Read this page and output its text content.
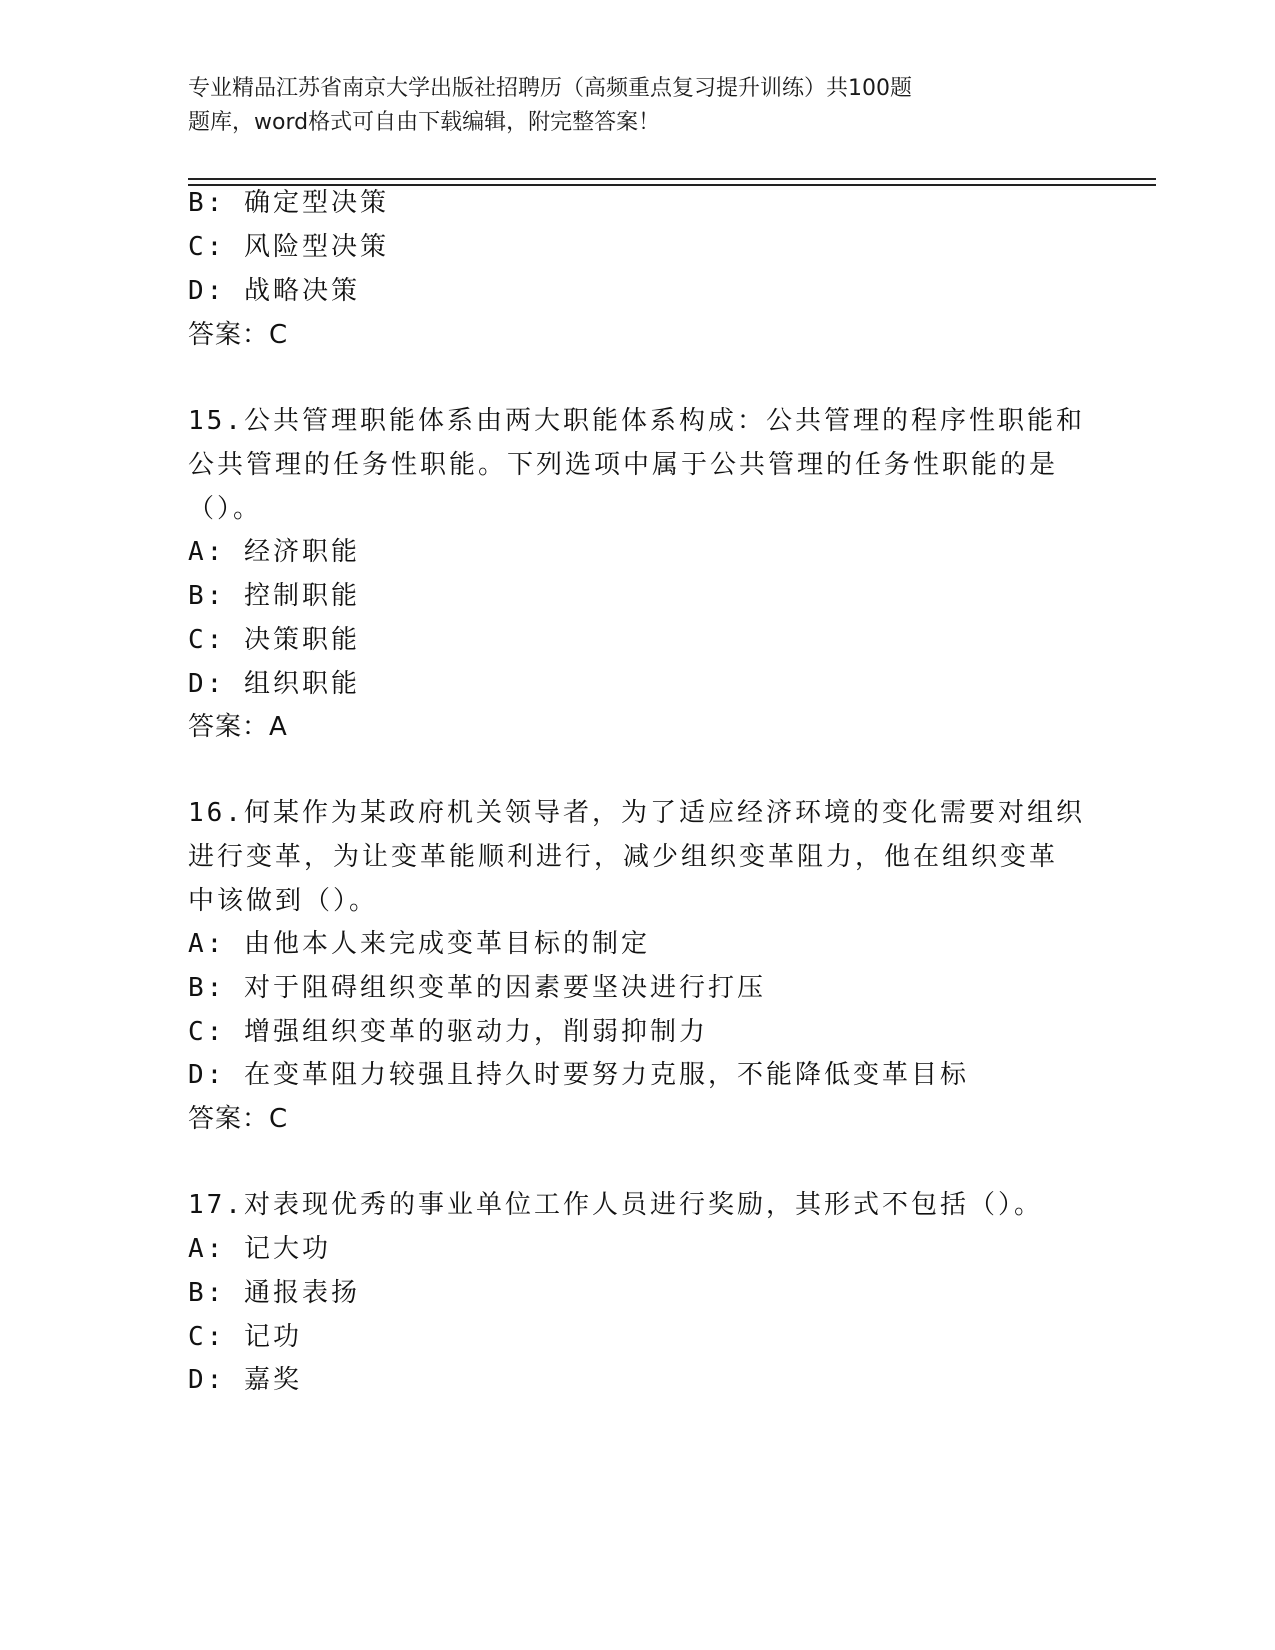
专业精品江苏省南京大学出版社招聘历（高频重点复习提升训练）共100题
题库，word格式可自由下载编辑，附完整答案！
B: 确定型决策
C: 风险型决策
D: 战略决策
答案：C
15.公共管理职能体系由两大职能体系构成：公共管理的程序性职能和
公共管理的任务性职能。下列选项中属于公共管理的任务性职能的是
（）。
A: 经济职能
B: 控制职能
C: 决策职能
D: 组织职能
答案：A
16.何某作为某政府机关领导者，为了适应经济环境的变化需要对组织
进行变革，为让变革能顺利进行，减少组织变革阻力，他在组织变革
中该做到（）。
A: 由他本人来完成变革目标的制定
B: 对于阻碍组织变革的因素要坚决进行打压
C: 增强组织变革的驱动力，削弱抑制力
D: 在变革阻力较强且持久时要努力克服，不能降低变革目标
答案：C
17.对表现优秀的事业单位工作人员进行奖励，其形式不包括（）。
A: 记大功
B: 通报表扬
C: 记功
D: 嘉奖
